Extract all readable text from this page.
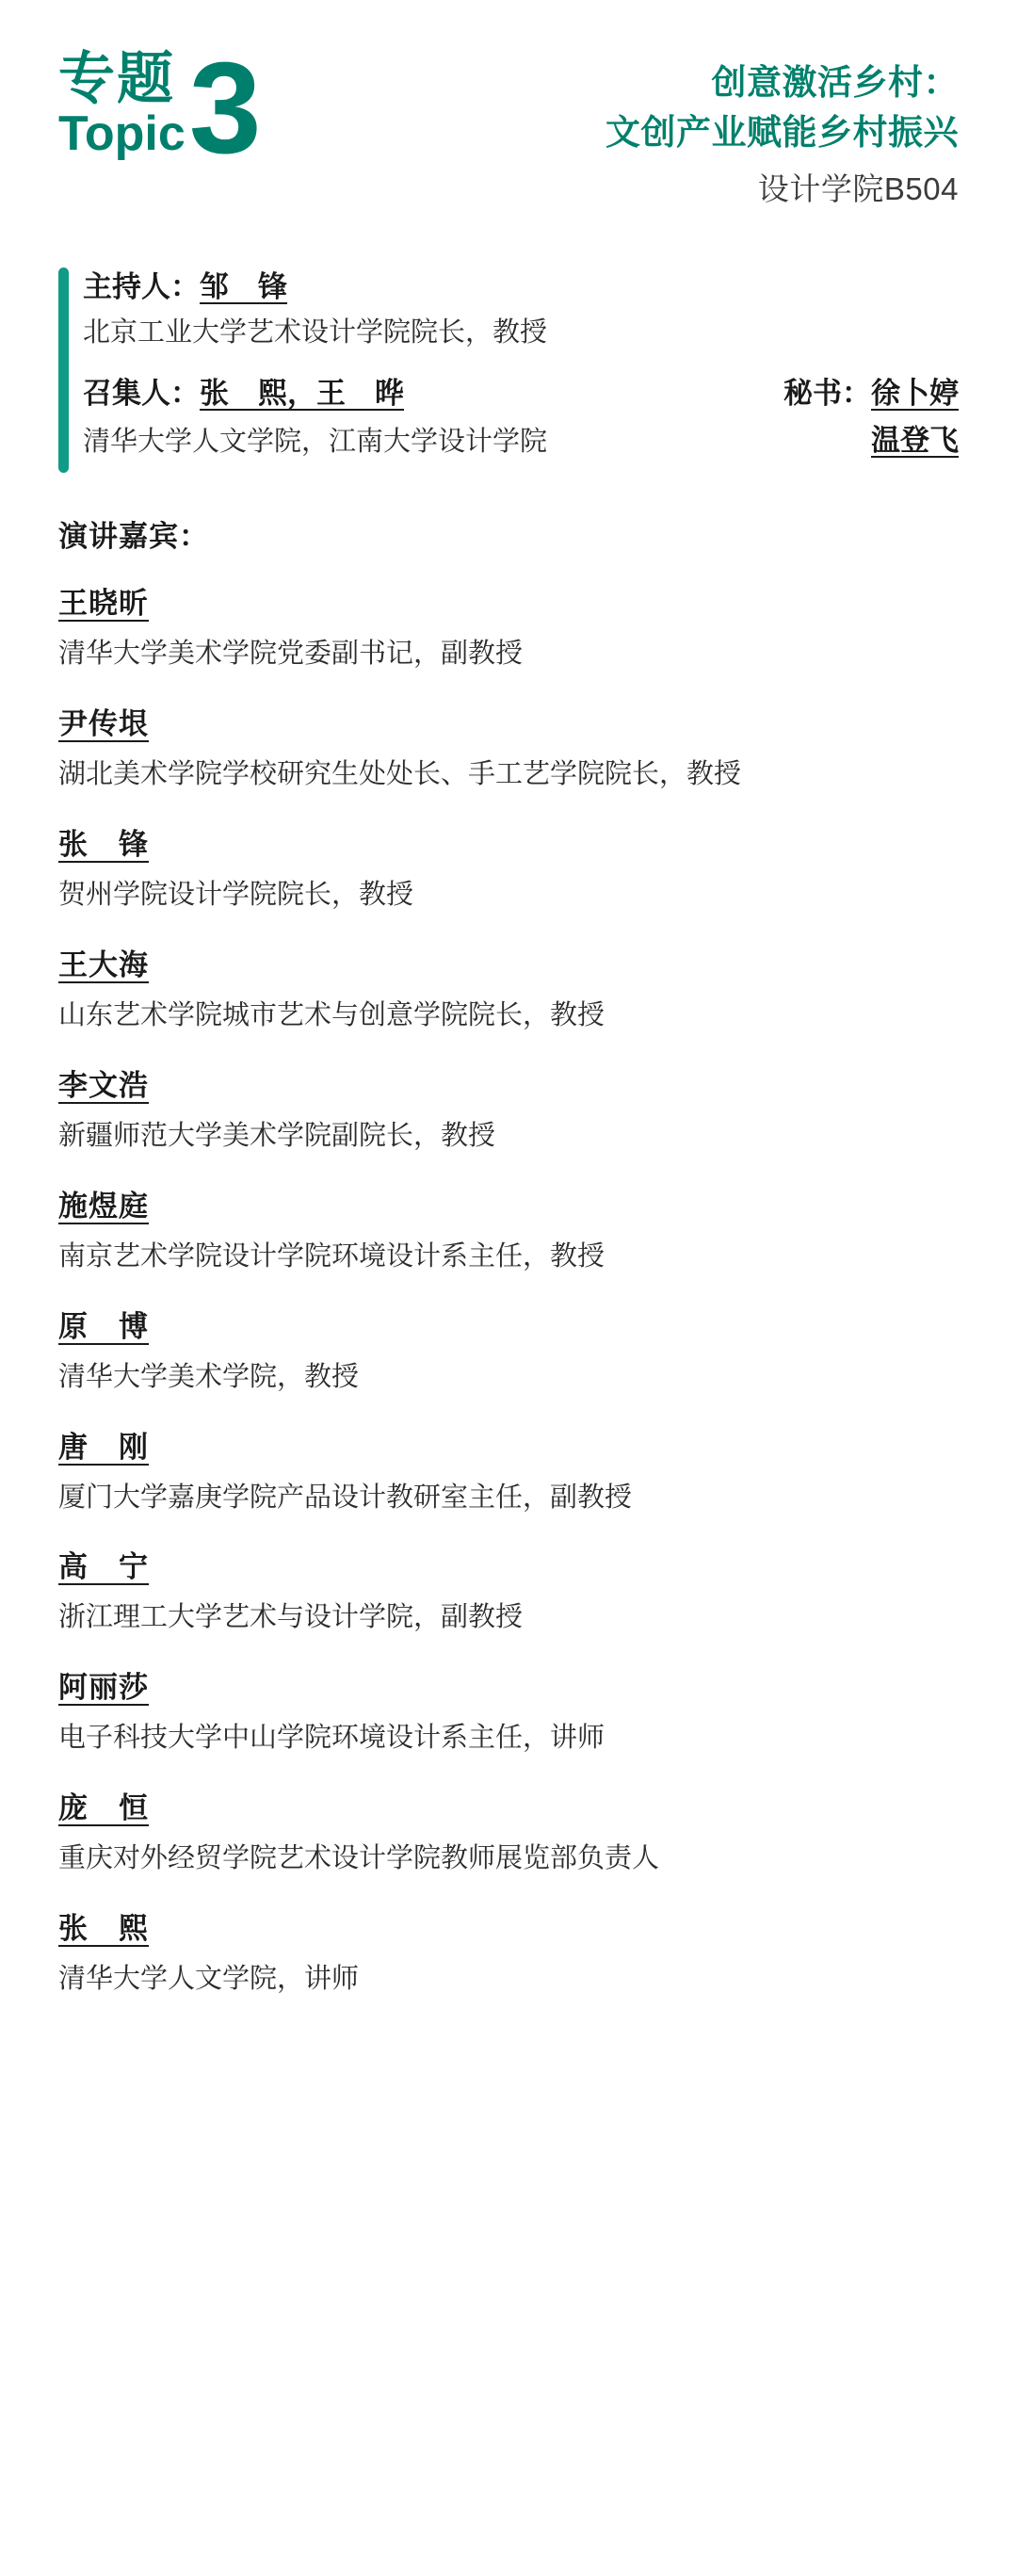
专题
Topic 3	创意激活乡村：
文创产业赋能乡村振兴
设计学院B504
主持人：邹　锋
北京工业大学艺术设计学院院长，教授
召集人：张　熙，王　晔	秘书：徐卜婷
清华大学人文学院，江南大学设计学院	温登飞
演讲嘉宾：
王晓昕
清华大学美术学院党委副书记，副教授
尹传垠
湖北美术学院学校研究生处处长、手工艺学院院长，教授
张　锋
贺州学院设计学院院长，教授
王大海
山东艺术学院城市艺术与创意学院院长，教授
李文浩
新疆师范大学美术学院副院长，教授
施煜庭
南京艺术学院设计学院环境设计系主任，教授
原　博
清华大学美术学院，教授
唐　刚
厦门大学嘉庚学院产品设计教研室主任，副教授
高　宁
浙江理工大学艺术与设计学院，副教授
阿丽莎
电子科技大学中山学院环境设计系主任，讲师
庞　恒
重庆对外经贸学院艺术设计学院教师展览部负责人
张　熙
清华大学人文学院，讲师
